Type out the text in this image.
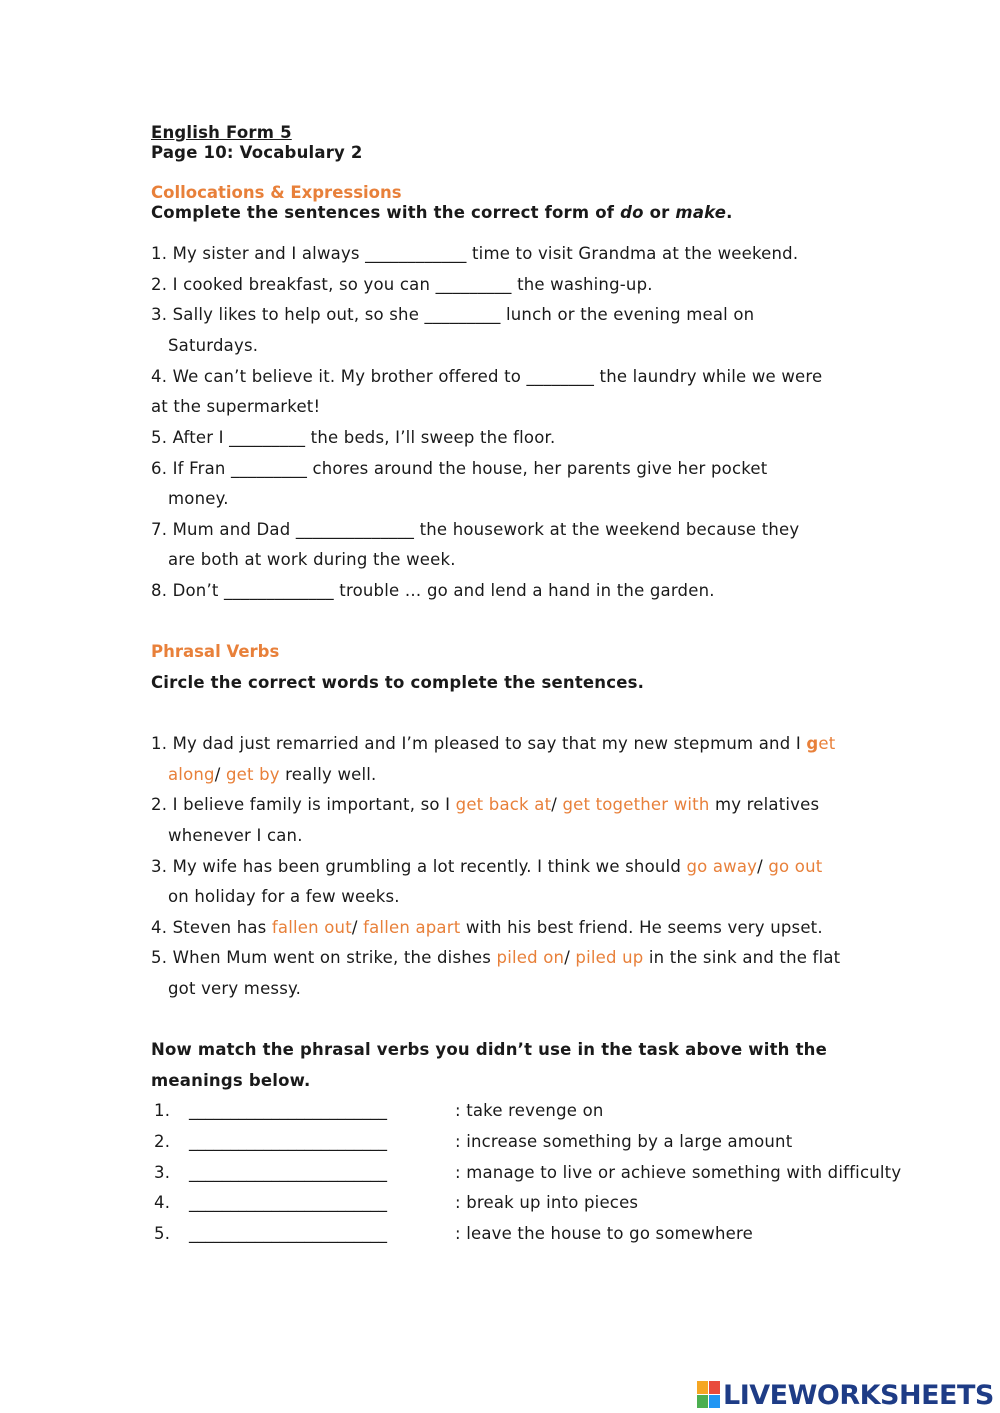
English Form 5
Page 10: Vocabulary 2
Collocations & Expressions
Complete the sentences with the correct form of do or make.
1. My sister and I always ____________ time to visit Grandma at the weekend.
2. I cooked breakfast, so you can _________ the washing-up.
3. Sally likes to help out, so she _________ lunch or the evening meal on
Saturdays.
4. We can’t believe it. My brother offered to ________ the laundry while we were
at the supermarket!
5. After I _________ the beds, I’ll sweep the floor.
6. If Fran _________ chores around the house, her parents give her pocket
money.
7. Mum and Dad ______________ the housework at the weekend because they
are both at work during the week.
8. Don’t _____________ trouble … go and lend a hand in the garden.
Phrasal Verbs
Circle the correct words to complete the sentences.
1. My dad just remarried and I’m pleased to say that my new stepmum and I get
along/ get by really well.
2. I believe family is important, so I get back at/ get together with my relatives
whenever I can.
3. My wife has been grumbling a lot recently. I think we should go away/ go out
on holiday for a few weeks.
4. Steven has fallen out/ fallen apart with his best friend. He seems very upset.
5. When Mum went on strike, the dishes piled on/ piled up in the sink and the flat
got very messy.
Now match the phrasal verbs you didn’t use in the task above with the
meanings below.
1. ________________________	: take revenge on
2. ________________________	: increase something by a large amount
3. ________________________	: manage to live or achieve something with difficulty
4. ________________________	: break up into pieces
5. ________________________	: leave the house to go somewhere
LIVEWORKSHEETS
